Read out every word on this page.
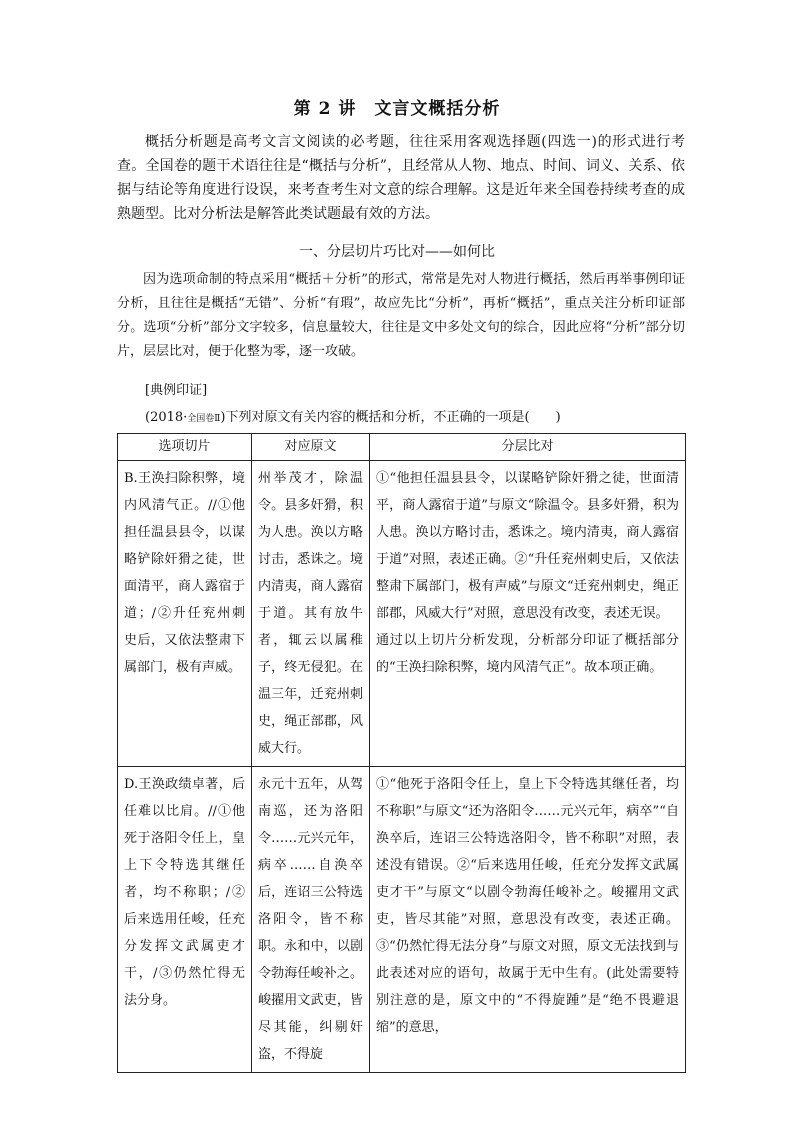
第 2 讲　文言文概括分析
概括分析题是高考文言文阅读的必考题，往往采用客观选择题(四选一)的形式进行考查。全国卷的题干术语往往是“概括与分析”，且经常从人物、地点、时间、词义、关系、依据与结论等角度进行设误，来考查考生对文意的综合理解。这是近年来全国卷持续考查的成熟题型。比对分析法是解答此类试题最有效的方法。
一、分层切片巧比对——如何比
因为选项命制的特点采用“概括＋分析”的形式，常常是先对人物进行概括，然后再举事例印证分析，且往往是概括“无错”、分析“有瑕”，故应先比“分析”，再析“概括”，重点关注分析印证部分。选项“分析”部分文字较多，信息量较大，往往是文中多处文句的综合，因此应将“分析”部分切片，层层比对，便于化整为零，逐一攻破。
[典例印证]
(2018·全国卷Ⅱ)下列对原文有关内容的概括和分析，不正确的一项是(　　)
选项切片	对应原文	分层比对
B.王涣扫除积弊，境内风清气正。//①他担任温县县令，以谋略铲除奸猾之徒，世面清平，商人露宿于道；/②升任兖州刺史后，又依法整肃下属部门，极有声威。	州举茂才，除温令。县多奸猾，积为人患。涣以方略讨击，悉诛之。境内清夷，商人露宿于道。其有放牛者，辄云以属稚子，终无侵犯。在温三年，迁兖州刺史，绳正部郡，风威大行。	①“他担任温县县令，以谋略铲除奸猾之徒，世面清平，商人露宿于道”与原文“除温令。县多奸猾，积为人患。涣以方略讨击，悉诛之。境内清夷，商人露宿于道”对照，表述正确。②“升任兖州刺史后，又依法整肃下属部门，极有声威”与原文“迁兖州刺史，绳正部郡，风威大行”对照，意思没有改变，表述无误。
通过以上切片分析发现，分析部分印证了概括部分的“王涣扫除积弊，境内风清气正”。故本项正确。

D.王涣政绩卓著，后任难以比肩。//①他死于洛阳令任上，皇上下令特选其继任者，均不称职；/②后来选用任峻，任充分发挥文武属吏才干，/③仍然忙得无法分身。	永元十五年，从驾南巡，还为洛阳令……元兴元年，病卒……自涣卒后，连诏三公特选洛阳令，皆不称职。永和中，以剧令勃海任峻补之。峻擢用文武吏，皆尽其能，纠剔奸盗，不得旋	①“他死于洛阳令任上，皇上下令特选其继任者，均不称职”与原文“还为洛阳令……元兴元年，病卒”“自涣卒后，连诏三公特选洛阳令，皆不称职”对照，表述没有错误。②“后来选用任峻，任充分发挥文武属吏才干”与原文“以剧令勃海任峻补之。峻擢用文武吏，皆尽其能”对照，意思没有改变，表述正确。③“仍然忙得无法分身”与原文对照，原文无法找到与此表述对应的语句，故属于无中生有。(此处需要特别注意的是，原文中的“不得旋踵”是“绝不畏避退缩”的意思，
